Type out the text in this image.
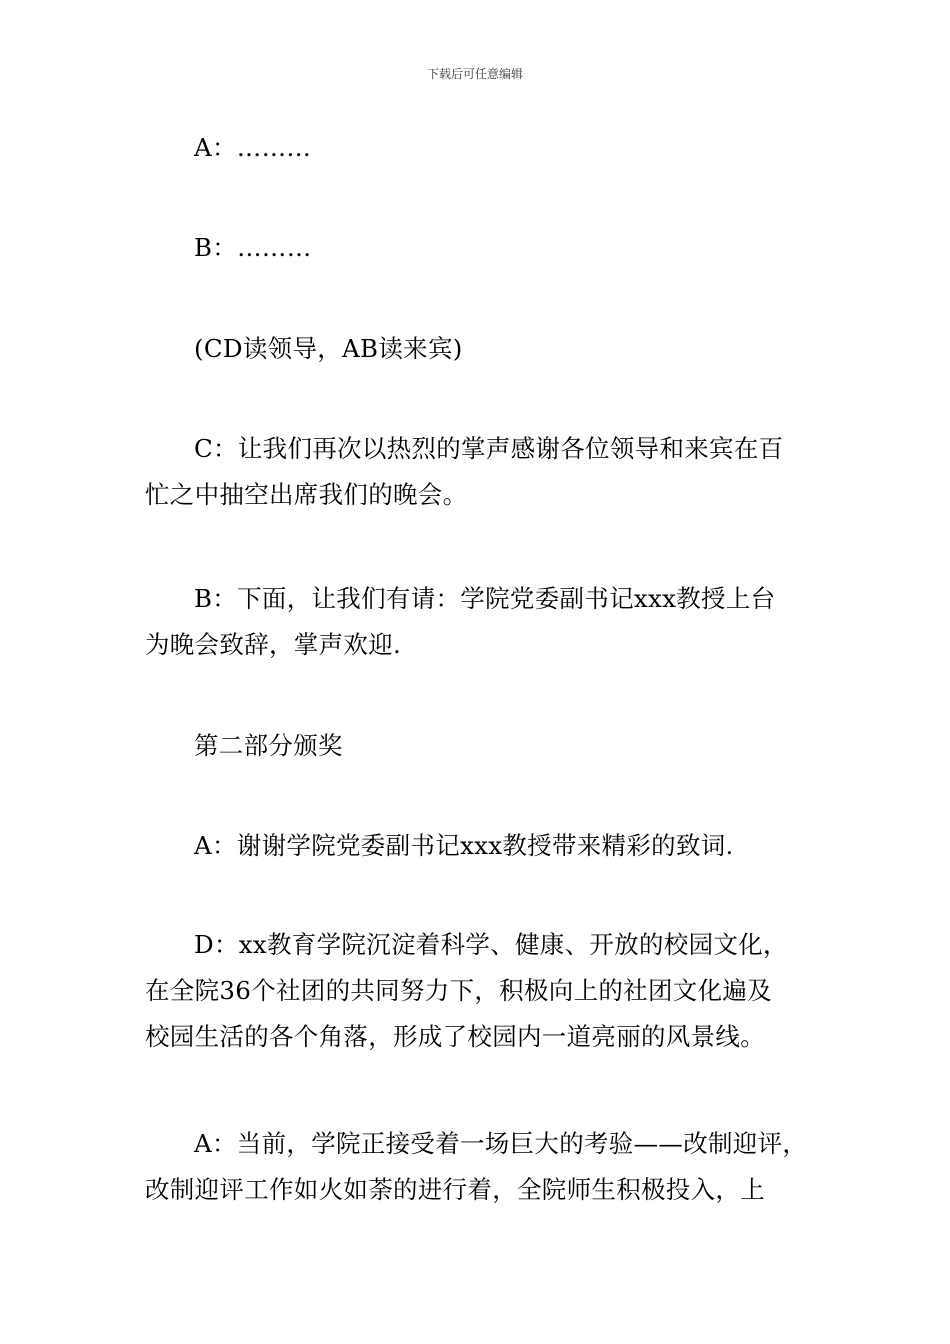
下载后可任意编辑
A：………
B：………
(CD读领导，AB读来宾)
C：让我们再次以热烈的掌声感谢各位领导和来宾在百
忙之中抽空出席我们的晚会。
B：下面，让我们有请：学院党委副书记xxx教授上台
为晚会致辞，掌声欢迎.
第二部分颁奖
A：谢谢学院党委副书记xxx教授带来精彩的致词.
D：xx教育学院沉淀着科学、健康、开放的校园文化，
在全院36个社团的共同努力下，积极向上的社团文化遍及
校园生活的各个角落，形成了校园内一道亮丽的风景线。
A：当前，学院正接受着一场巨大的考验——改制迎评，
改制迎评工作如火如荼的进行着，全院师生积极投入，上
